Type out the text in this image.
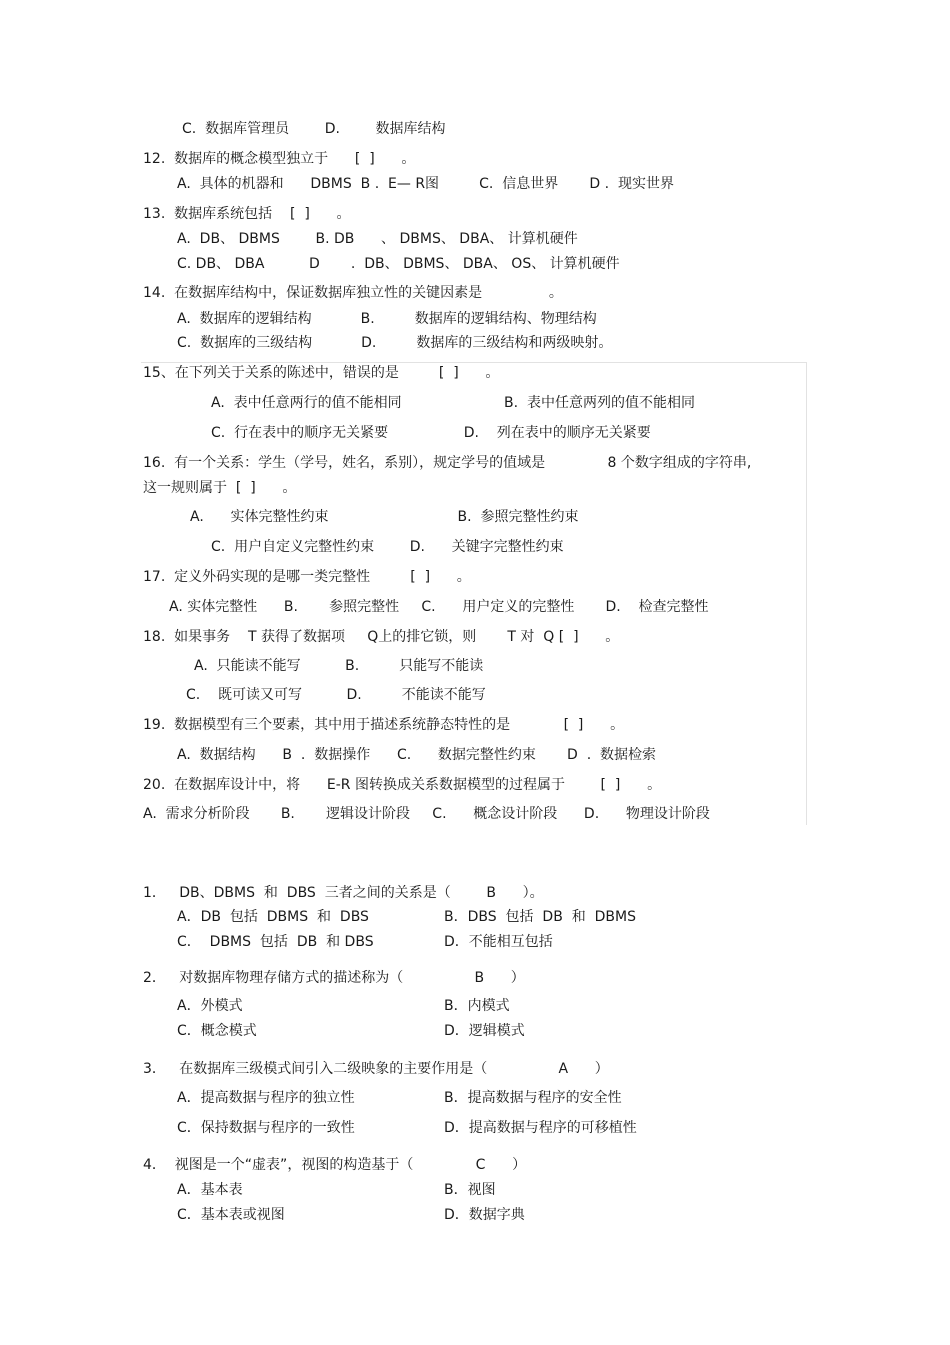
C.  数据库管理员        D.        数据库结构
12.  数据库的概念模型独立于      [  ]      。
A.  具体的机器和      DBMS  B .  E— R图         C.  信息世界       D .  现实世界
13.  数据库系统包括    [  ]      。
A.  DB、 DBMS        B. DB      、 DBMS、 DBA、 计算机硬件
C. DB、 DBA          D       .  DB、 DBMS、 DBA、 OS、 计算机硬件
14.  在数据库结构中，保证数据库独立性的关键因素是               。
A.  数据库的逻辑结构           B.         数据库的逻辑结构、物理结构
C.  数据库的三级结构           D.         数据库的三级结构和两级映射。
15、在下列关于关系的陈述中，错误的是         [  ]      。
A.  表中任意两行的值不能相同                       B.  表中任意两列的值不能相同
C.  行在表中的顺序无关紧要                 D.    列在表中的顺序无关紧要
16.  有一个关系：学生（学号，姓名，系别），规定学号的值域是              8 个数字组成的字符串,
这一规则属于  [  ]      。
A.      实体完整性约束                             B.  参照完整性约束
C.  用户自定义完整性约束        D.      关键字完整性约束
17.  定义外码实现的是哪一类完整性         [  ]      。
A. 实体完整性      B.       参照完整性     C.      用户定义的完整性       D.    检查完整性
18.  如果事务    T 获得了数据项     Q上的排它锁，则       T 对  Q [  ]      。
A.  只能读不能写          B.         只能写不能读
C.    既可读又可写          D.         不能读不能写
19.  数据模型有三个要素，其中用于描述系统静态特性的是            [  ]      。
A.  数据结构      B  .  数据操作      C.      数据完整性约束       D  .  数据检索
20.  在数据库设计中，将      E-R 图转换成关系数据模型的过程属于        [  ]      。
A.  需求分析阶段       B.       逻辑设计阶段     C.      概念设计阶段      D.      物理设计阶段
1．   DB、DBMS  和  DBS  三者之间的关系是（        B      ）。
A．DB  包括  DBMS  和  DBS	B．DBS  包括  DB  和  DBMS
C．  DBMS  包括  DB  和 DBS	D．不能相互包括
2．   对数据库物理存储方式的描述称为（                B      ）
A．外模式	B．内模式
C．概念模式	D．逻辑模式
3．   在数据库三级模式间引入二级映象的主要作用是（                A      ）
A．提高数据与程序的独立性	B．提高数据与程序的安全性
C．保持数据与程序的一致性	D．提高数据与程序的可移植性
4．  视图是一个“虚表”，视图的构造基于（              C      ）
A．基本表	B．视图
C．基本表或视图	D．数据字典
